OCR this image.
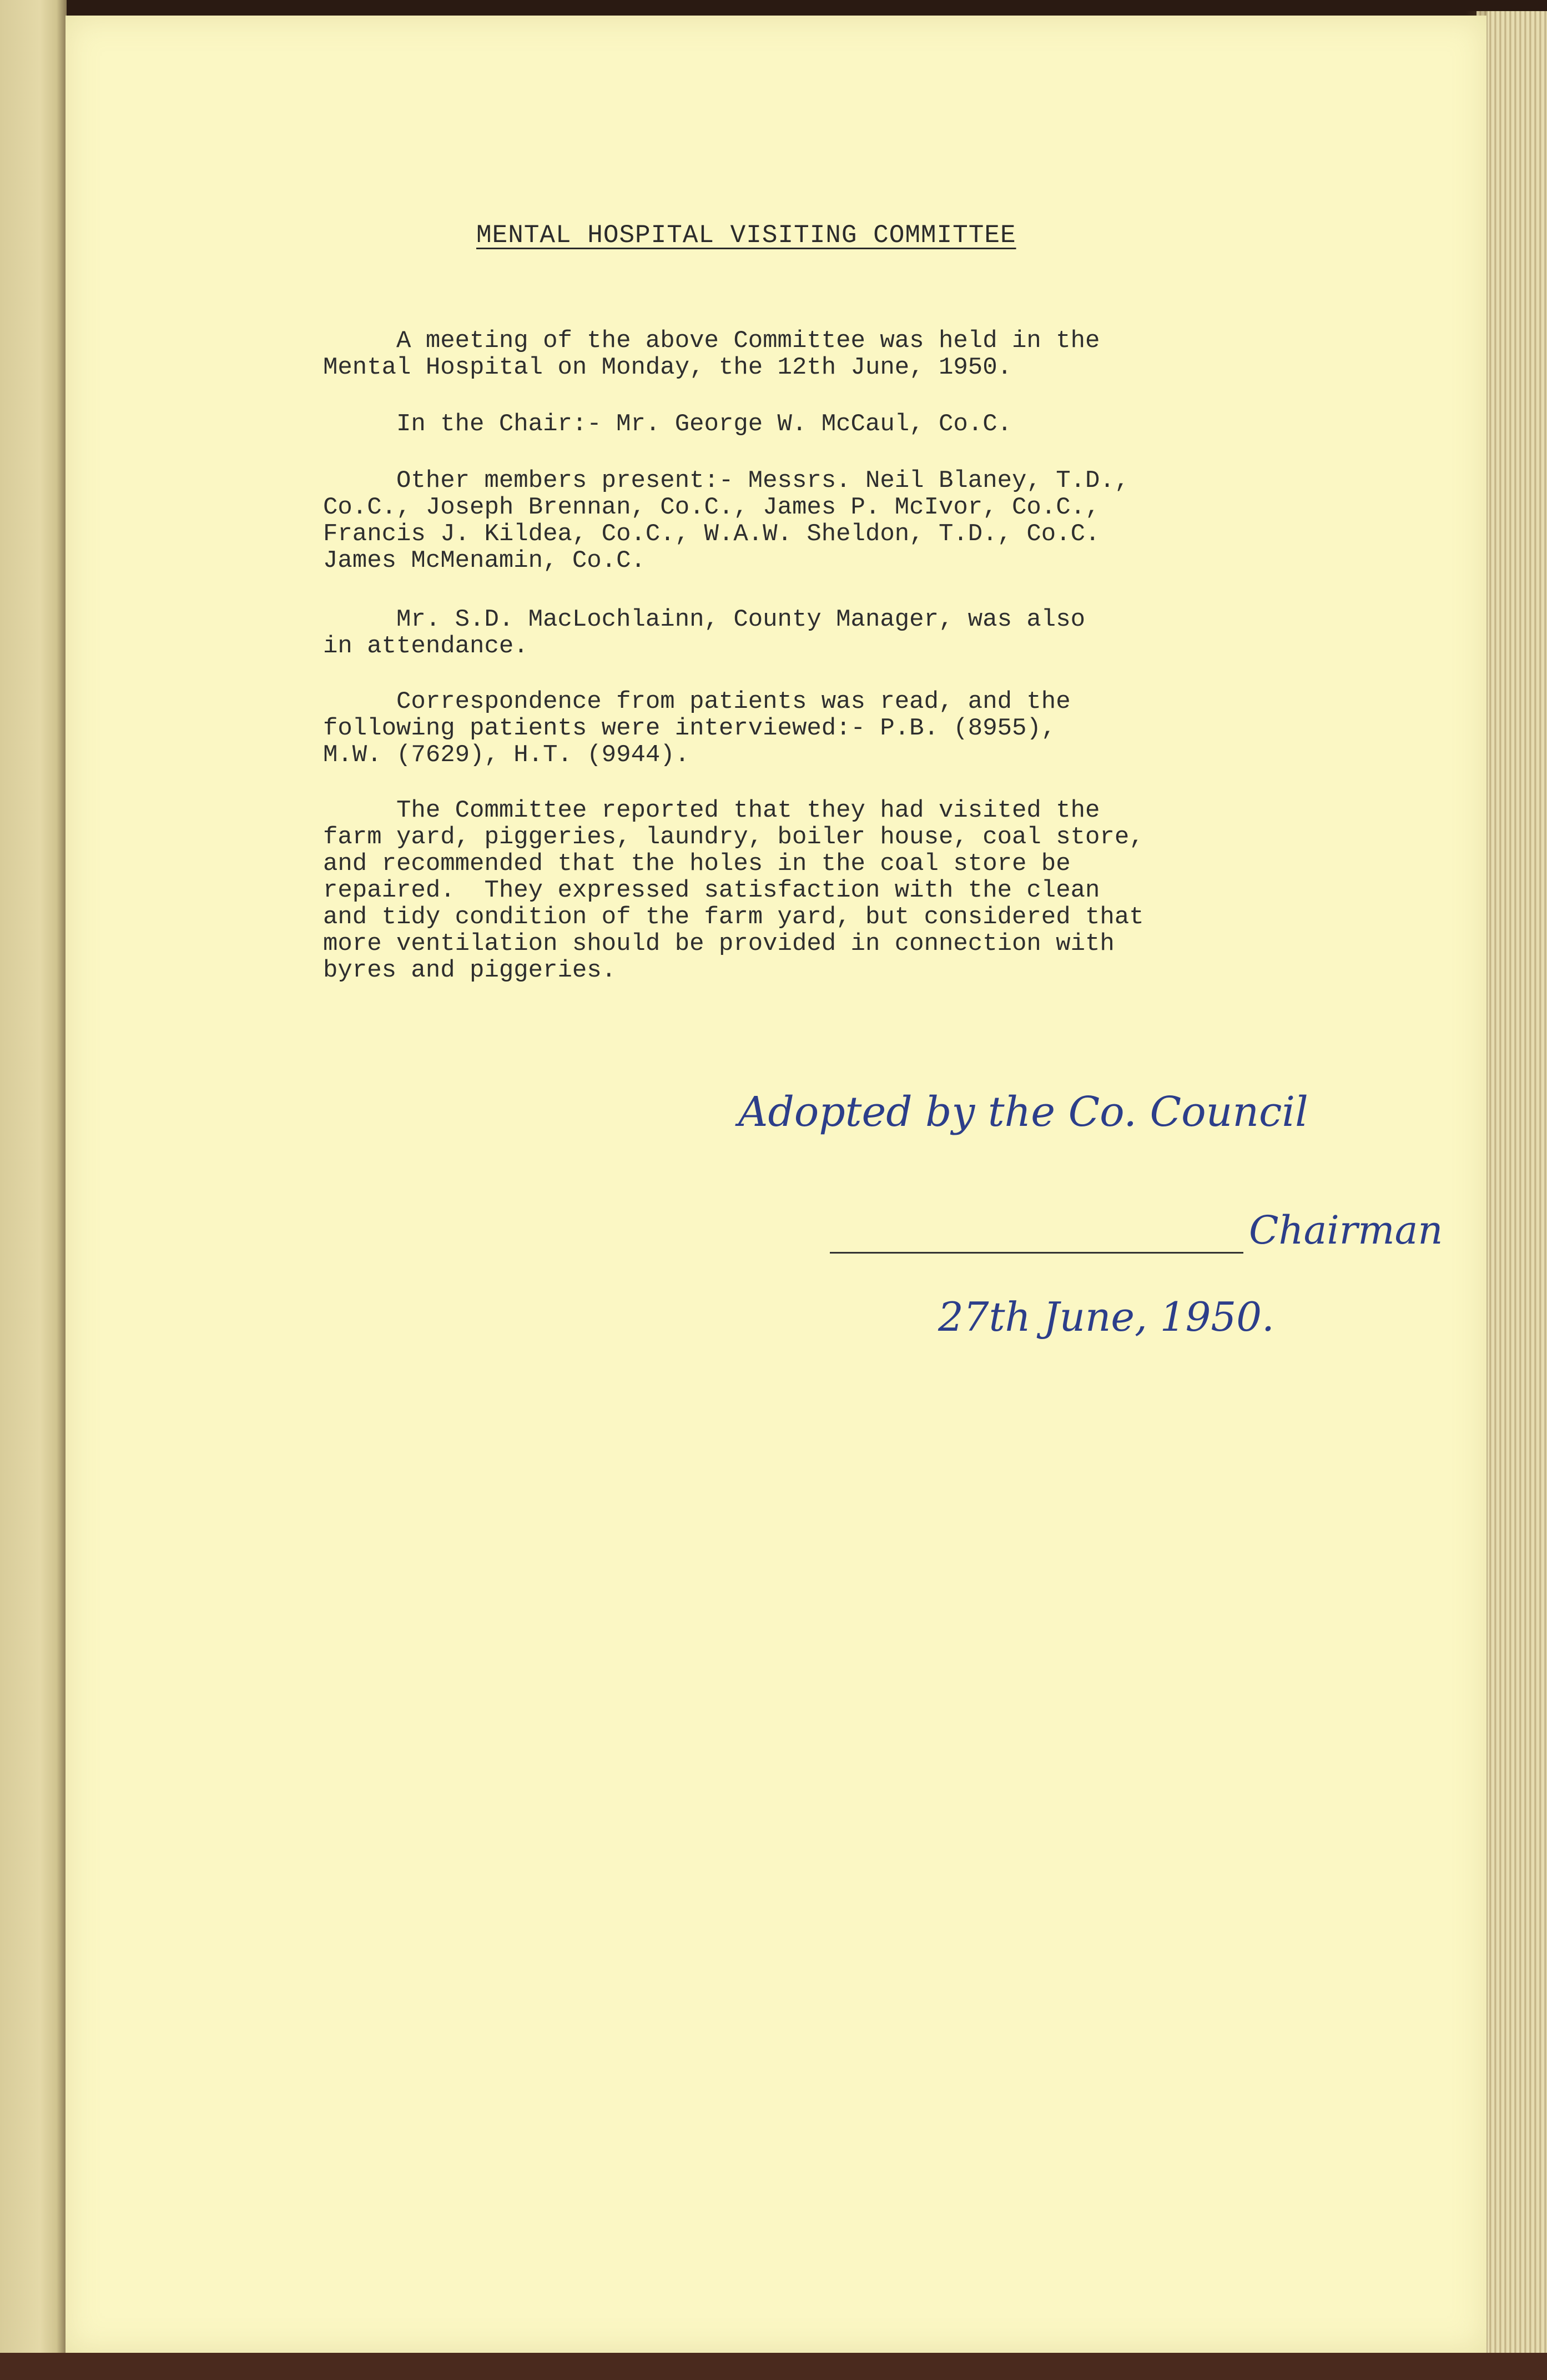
MENTAL HOSPITAL VISITING COMMITTEE
A meeting of the above Committee was held in the
Mental Hospital on Monday, the 12th June, 1950.
In the Chair:- Mr. George W. McCaul, Co.C.
Other members present:- Messrs. Neil Blaney, T.D.,
Co.C., Joseph Brennan, Co.C., James P. McIvor, Co.C.,
Francis J. Kildea, Co.C., W.A.W. Sheldon, T.D., Co.C.
James McMenamin, Co.C.
Mr. S.D. MacLochlainn, County Manager, was also
in attendance.
Correspondence from patients was read, and the
following patients were interviewed:- P.B. (8955),
M.W. (7629), H.T. (9944).
The Committee reported that they had visited the
farm yard, piggeries, laundry, boiler house, coal store,
and recommended that the holes in the coal store be
repaired.  They expressed satisfaction with the clean
and tidy condition of the farm yard, but considered that
more ventilation should be provided in connection with
byres and piggeries.
Adopted by the Co. Council
Chairman
27th June, 1950.
